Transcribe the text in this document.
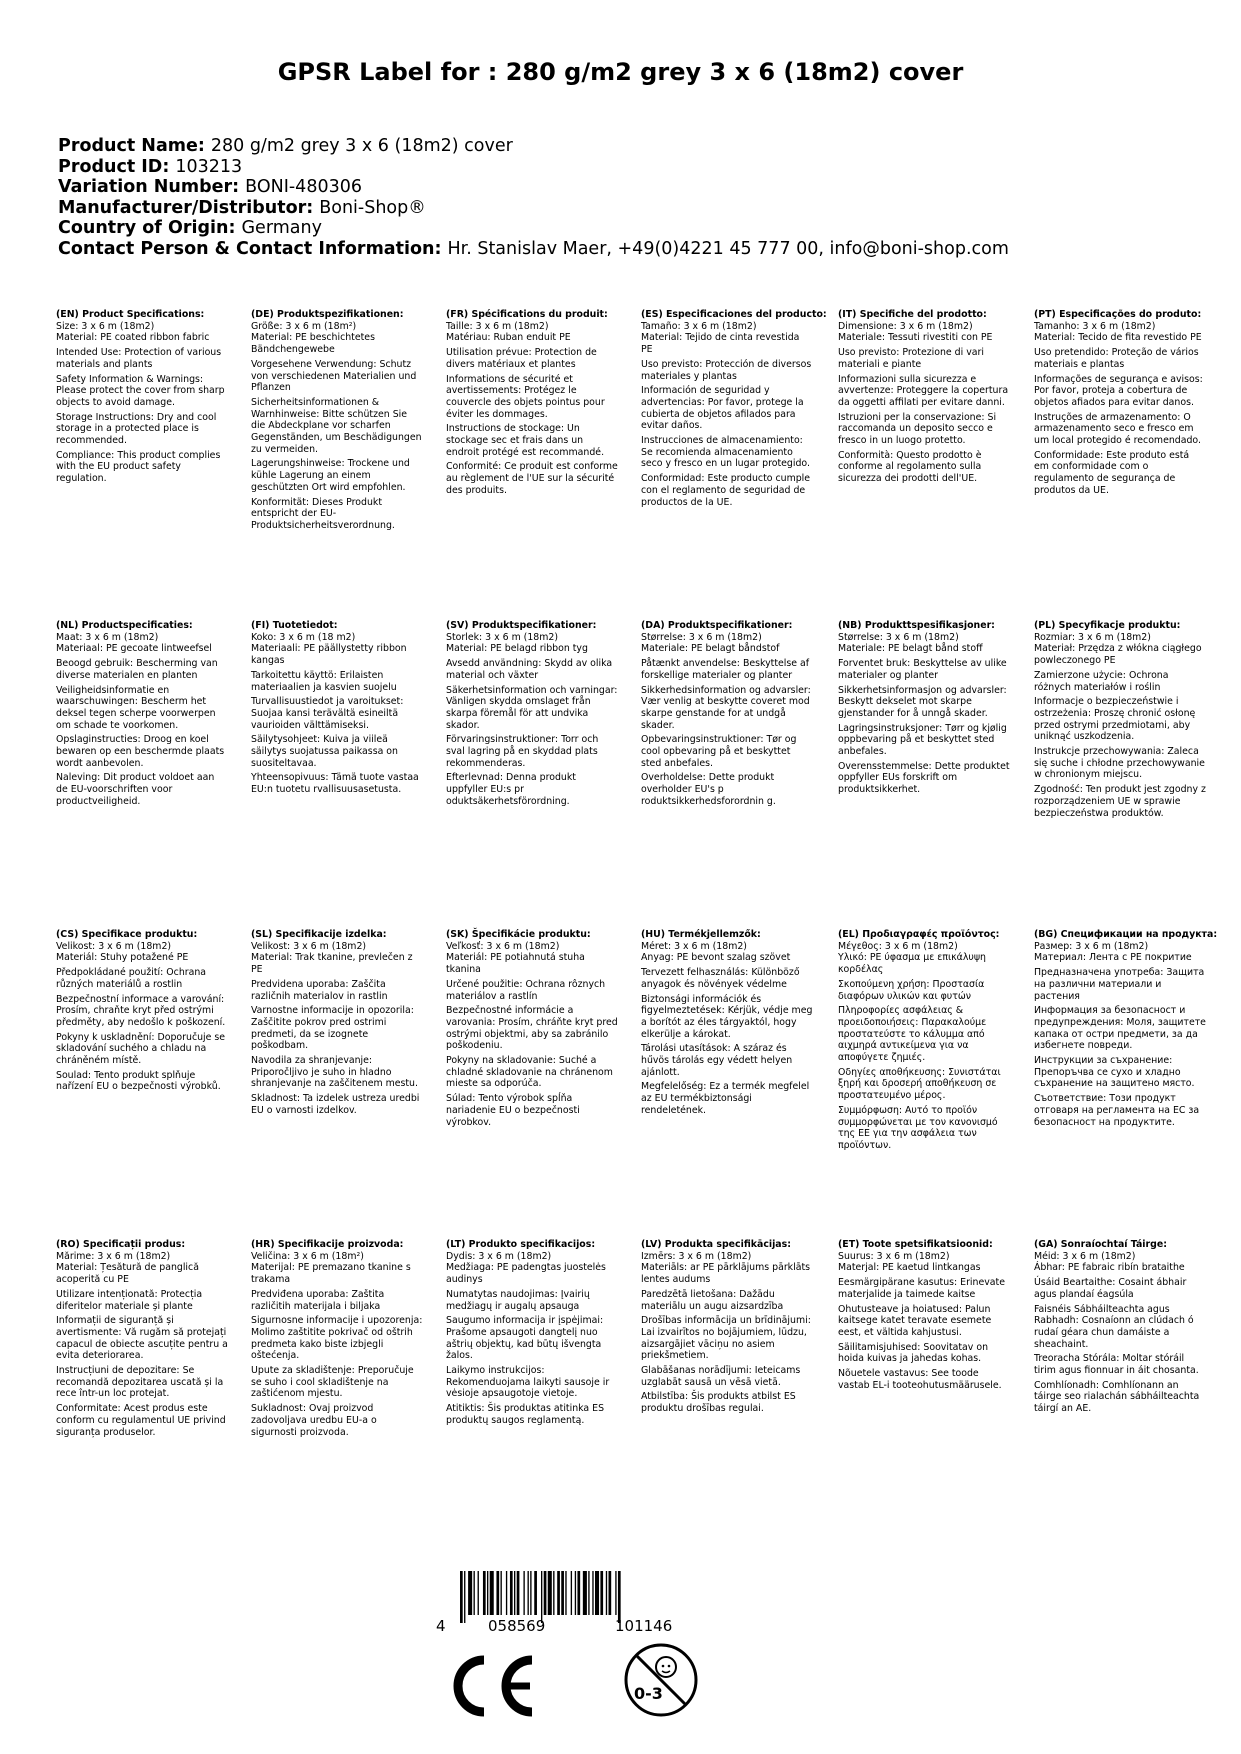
GPSR Label for : 280 g/m2 grey 3 x 6 (18m2) cover
Product Name: 280 g/m2 grey 3 x 6 (18m2) cover
Product ID: 103213
Variation Number: BONI-480306
Manufacturer/Distributor: Boni-Shop®
Country of Origin: Germany
Contact Person & Contact Information: Hr. Stanislav Maer, +49(0)4221 45 777 00, info@boni-shop.com
(EN) Product Specifications:
Size: 3 x 6 m (18m2)
Material: PE coated ribbon fabric
Intended Use: Protection of various materials and plants
Safety Information & Warnings: Please protect the cover from sharp objects to avoid damage.
Storage Instructions: Dry and cool storage in a protected place is recommended.
Compliance: This product complies with the EU product safety regulation.
(DE) Produktspezifikationen:
Größe: 3 x 6 m (18m²)
Material: PE beschichtetes Bändchengewebe
Vorgesehene Verwendung: Schutz von verschiedenen Materialien und Pflanzen
Sicherheitsinformationen & Warnhinweise: Bitte schützen Sie die Abdeckplane vor scharfen Gegenständen, um Beschädigungen zu vermeiden.
Lagerungshinweise: Trockene und kühle Lagerung an einem geschützten Ort wird empfohlen.
Konformität: Dieses Produkt entspricht der EU-Produktsicherheitsverordnung.
(FR) Spécifications du produit:
Taille: 3 x 6 m (18m2)
Matériau: Ruban enduit PE
Utilisation prévue: Protection de divers matériaux et plantes
Informations de sécurité et avertissements: Protégez le couvercle des objets pointus pour éviter les dommages.
Instructions de stockage: Un stockage sec et frais dans un endroit protégé est recommandé.
Conformité: Ce produit est conforme au règlement de l'UE sur la sécurité des produits.
(ES) Especificaciones del producto:
Tamaño: 3 x 6 m (18m2)
Material: Tejido de cinta revestida PE
Uso previsto: Protección de diversos materiales y plantas
Información de seguridad y advertencias: Por favor, protege la cubierta de objetos afilados para evitar daños.
Instrucciones de almacenamiento: Se recomienda almacenamiento seco y fresco en un lugar protegido.
Conformidad: Este producto cumple con el reglamento de seguridad de productos de la UE.
(IT) Specifiche del prodotto:
Dimensione: 3 x 6 m (18m2)
Materiale: Tessuti rivestiti con PE
Uso previsto: Protezione di vari materiali e piante
Informazioni sulla sicurezza e avvertenze: Proteggere la copertura da oggetti affilati per evitare danni.
Istruzioni per la conservazione: Si raccomanda un deposito secco e fresco in un luogo protetto.
Conformità: Questo prodotto è conforme al regolamento sulla sicurezza dei prodotti dell'UE.
(PT) Especificações do produto:
Tamanho: 3 x 6 m (18m2)
Material: Tecido de fita revestido PE
Uso pretendido: Proteção de vários materiais e plantas
Informações de segurança e avisos: Por favor, proteja a cobertura de objetos afiados para evitar danos.
Instruções de armazenamento: O armazenamento seco e fresco em um local protegido é recomendado.
Conformidade: Este produto está em conformidade com o regulamento de segurança de produtos da UE.
(NL) Productspecificaties:
Maat: 3 x 6 m (18m2)
Materiaal: PE gecoate lintweefsel
Beoogd gebruik: Bescherming van diverse materialen en planten
Veiligheidsinformatie en waarschuwingen: Bescherm het deksel tegen scherpe voorwerpen om schade te voorkomen.
Opslaginstructies: Droog en koel bewaren op een beschermde plaats wordt aanbevolen.
Naleving: Dit product voldoet aan de EU-voorschriften voor productveiligheid.
(FI) Tuotetiedot:
Koko: 3 x 6 m (18 m2)
Materiaali: PE päällystetty ribbon kangas
Tarkoitettu käyttö: Erilaisten materiaalien ja kasvien suojelu
Turvallisuustiedot ja varoitukset: Suojaa kansi terävältä esineiltä vaurioiden välttämiseksi.
Säilytysohjeet: Kuiva ja viileä säilytys suojatussa paikassa on suositeltavaa.
Yhteensopivuus: Tämä tuote vastaa EU:n tuotetu rvallisuusasetusta.
(SV) Produktspecifikationer:
Storlek: 3 x 6 m (18m2)
Material: PE belagd ribbon tyg
Avsedd användning: Skydd av olika material och växter
Säkerhetsinformation och varningar: Vänligen skydda omslaget från skarpa föremål för att undvika skador.
Förvaringsinstruktioner: Torr och sval lagring på en skyddad plats rekommenderas.
Efterlevnad: Denna produkt uppfyller EU:s pr oduktsäkerhetsförordning.
(DA) Produktspecifikationer:
Størrelse: 3 x 6 m (18m2)
Materiale: PE belagt båndstof
Påtænkt anvendelse: Beskyttelse af forskellige materialer og planter
Sikkerhedsinformation og advarsler: Vær venlig at beskytte coveret mod skarpe genstande for at undgå skader.
Opbevaringsinstruktioner: Tør og cool opbevaring på et beskyttet sted anbefales.
Overholdelse: Dette produkt overholder EU's p roduktsikkerhedsforordnin g.
(NB) Produkttspesifikasjoner:
Størrelse: 3 x 6 m (18m2)
Materiale: PE belagt bånd stoff
Forventet bruk: Beskyttelse av ulike materialer og planter
Sikkerhetsinformasjon og advarsler: Beskytt dekselet mot skarpe gjenstander for å unngå skader.
Lagringsinstruksjoner: Tørr og kjølig oppbevaring på et beskyttet sted anbefales.
Overensstemmelse: Dette produktet oppfyller EUs forskrift om produktsikkerhet.
(PL) Specyfikacje produktu:
Rozmiar: 3 x 6 m (18m2)
Materiał: Przędza z włókna ciągłego powleczonego PE
Zamierzone użycie: Ochrona różnych materiałów i roślin
Informacje o bezpieczeństwie i ostrzeżenia: Proszę chronić osłonę przed ostrymi przedmiotami, aby uniknąć uszkodzenia.
Instrukcje przechowywania: Zaleca się suche i chłodne przechowywanie w chronionym miejscu.
Zgodność: Ten produkt jest zgodny z rozporządzeniem UE w sprawie bezpieczeństwa produktów.
(CS) Specifikace produktu:
Velikost: 3 x 6 m (18m2)
Materiál: Stuhy potažené PE
Předpokládané použití: Ochrana různých materiálů a rostlin
Bezpečnostní informace a varování: Prosím, chraňte kryt před ostrými předměty, aby nedošlo k poškození.
Pokyny k uskladnění: Doporučuje se skladování suchého a chladu na chráněném místě.
Soulad: Tento produkt splňuje nařízení EU o bezpečnosti výrobků.
(SL) Specifikacije izdelka:
Velikost: 3 x 6 m (18m2)
Material: Trak tkanine, prevlečen z PE
Predvidena uporaba: Zaščita različnih materialov in rastlin
Varnostne informacije in opozorila: Zaščitite pokrov pred ostrimi predmeti, da se izognete poškodbam.
Navodila za shranjevanje: Priporočljivo je suho in hladno shranjevanje na zaščitenem mestu.
Skladnost: Ta izdelek ustreza uredbi EU o varnosti izdelkov.
(SK) Špecifikácie produktu:
Veľkosť: 3 x 6 m (18m2)
Materiál: PE potiahnutá stuha tkanina
Určené použitie: Ochrana rôznych materiálov a rastlín
Bezpečnostné informácie a varovania: Prosím, chráňte kryt pred ostrými objektmi, aby sa zabránilo poškodeniu.
Pokyny na skladovanie: Suché a chladné skladovanie na chránenom mieste sa odporúča.
Súlad: Tento výrobok spĺňa nariadenie EU o bezpečnosti výrobkov.
(HU) Termékjellemzők:
Méret: 3 x 6 m (18m2)
Anyag: PE bevont szalag szövet
Tervezett felhasználás: Különböző anyagok és növények védelme
Biztonsági információk és figyelmeztetések: Kérjük, védje meg a borítót az éles tárgyaktól, hogy elkerülje a károkat.
Tárolási utasítások: A száraz és hűvös tárolás egy védett helyen ajánlott.
Megfelelőség: Ez a termék megfelel az EU termékbiztonsági rendeletének.
(EL) Προδιαγραφές προϊόντος:
Μέγεθος: 3 x 6 m (18m2)
Υλικό: PE ύφασμα με επικάλυψη κορδέλας
Σκοπούμενη χρήση: Προστασία διαφόρων υλικών και φυτών
Πληροφορίες ασφάλειας & προειδοποιήσεις: Παρακαλούμε προστατεύστε το κάλυμμα από αιχμηρά αντικείμενα για να αποφύγετε ζημιές.
Οδηγίες αποθήκευσης: Συνιστάται ξηρή και δροσερή αποθήκευση σε προστατευμένο μέρος.
Συμμόρφωση: Αυτό το προϊόν συμμορφώνεται με τον κανονισμό της ΕΕ για την ασφάλεια των προϊόντων.
(BG) Спецификации на продукта:
Размер: 3 x 6 m (18m2)
Материал: Лента с PE покритие
Предназначена употреба: Защита на различни материали и растения
Информация за безопасност и предупреждения: Моля, защитете капака от остри предмети, за да избегнете повреди.
Инструкции за съхранение: Препоръчва се сухо и хладно съхранение на защитено място.
Съответствие: Този продукт отговаря на регламента на ЕС за безопасност на продуктите.
(RO) Specificații produs:
Mărime: 3 x 6 m (18m2)
Material: Țesătură de panglică acoperită cu PE
Utilizare intenționată: Protecția diferitelor materiale și plante
Informații de siguranță și avertismente: Vă rugăm să protejați capacul de obiecte ascuțite pentru a evita deteriorarea.
Instrucțiuni de depozitare: Se recomandă depozitarea uscată și la rece într-un loc protejat.
Conformitate: Acest produs este conform cu regulamentul UE privind siguranța produselor.
(HR) Specifikacije proizvoda:
Veličina: 3 x 6 m (18m²)
Materijal: PE premazano tkanine s trakama
Predviđena uporaba: Zaštita različitih materijala i biljaka
Sigurnosne informacije i upozorenja: Molimo zaštitite pokrivač od oštrih predmeta kako biste izbjegli oštećenja.
Upute za skladištenje: Preporučuje se suho i cool skladištenje na zaštićenom mjestu.
Sukladnost: Ovaj proizvod zadovoljava uredbu EU-a o sigurnosti proizvoda.
(LT) Produkto specifikacijos:
Dydis: 3 x 6 m (18m2)
Medžiaga: PE padengtas juostelės audinys
Numatytas naudojimas: Įvairių medžiagų ir augalų apsauga
Saugumo informacija ir įspėjimai: Prašome apsaugoti dangtelį nuo aštrių objektų, kad būtų išvengta žalos.
Laikymo instrukcijos: Rekomenduojama laikyti sausoje ir vėsioje apsaugotoje vietoje.
Atitiktis: Šis produktas atitinka ES produktų saugos reglamentą.
(LV) Produkta specifikācijas:
Izmērs: 3 x 6 m (18m2)
Materiāls: ar PE pārklājums pārklāts lentes audums
Paredzētā lietošana: Dažādu materiālu un augu aizsardzība
Drošības informācija un brīdinājumi: Lai izvairītos no bojājumiem, lūdzu, aizsargājiet vāciņu no asiem priekšmetiem.
Glabāšanas norādījumi: Ieteicams uzglabāt sausā un vēsā vietā.
Atbilstība: Šis produkts atbilst ES produktu drošības regulai.
(ET) Toote spetsifikatsioonid:
Suurus: 3 x 6 m (18m2)
Materjal: PE kaetud lintkangas
Eesmärgipärane kasutus: Erinevate materjalide ja taimede kaitse
Ohutusteave ja hoiatused: Palun kaitsege katet teravate esemete eest, et vältida kahjustusi.
Säilitamisjuhised: Soovitatav on hoida kuivas ja jahedas kohas.
Nõuetele vastavus: See toode vastab EL-i tooteohutusmäärusele.
(GA) Sonraíochtaí Táirge:
Méid: 3 x 6 m (18m2)
Ábhar: PE fabraic ribín brataithe
Úsáid Beartaithe: Cosaint ábhair agus plandaí éagsúla
Faisnéis Sábháilteachta agus Rabhadh: Cosnaíonn an clúdach ó rudaí géara chun damáiste a sheachaint.
Treoracha Stórála: Moltar stóráil tirim agus fionnuar in áit chosanta.
Comhlíonadh: Comhlíonann an táirge seo rialachán sábháilteachta táirgí an AE.
4	058569	101146
0-3
